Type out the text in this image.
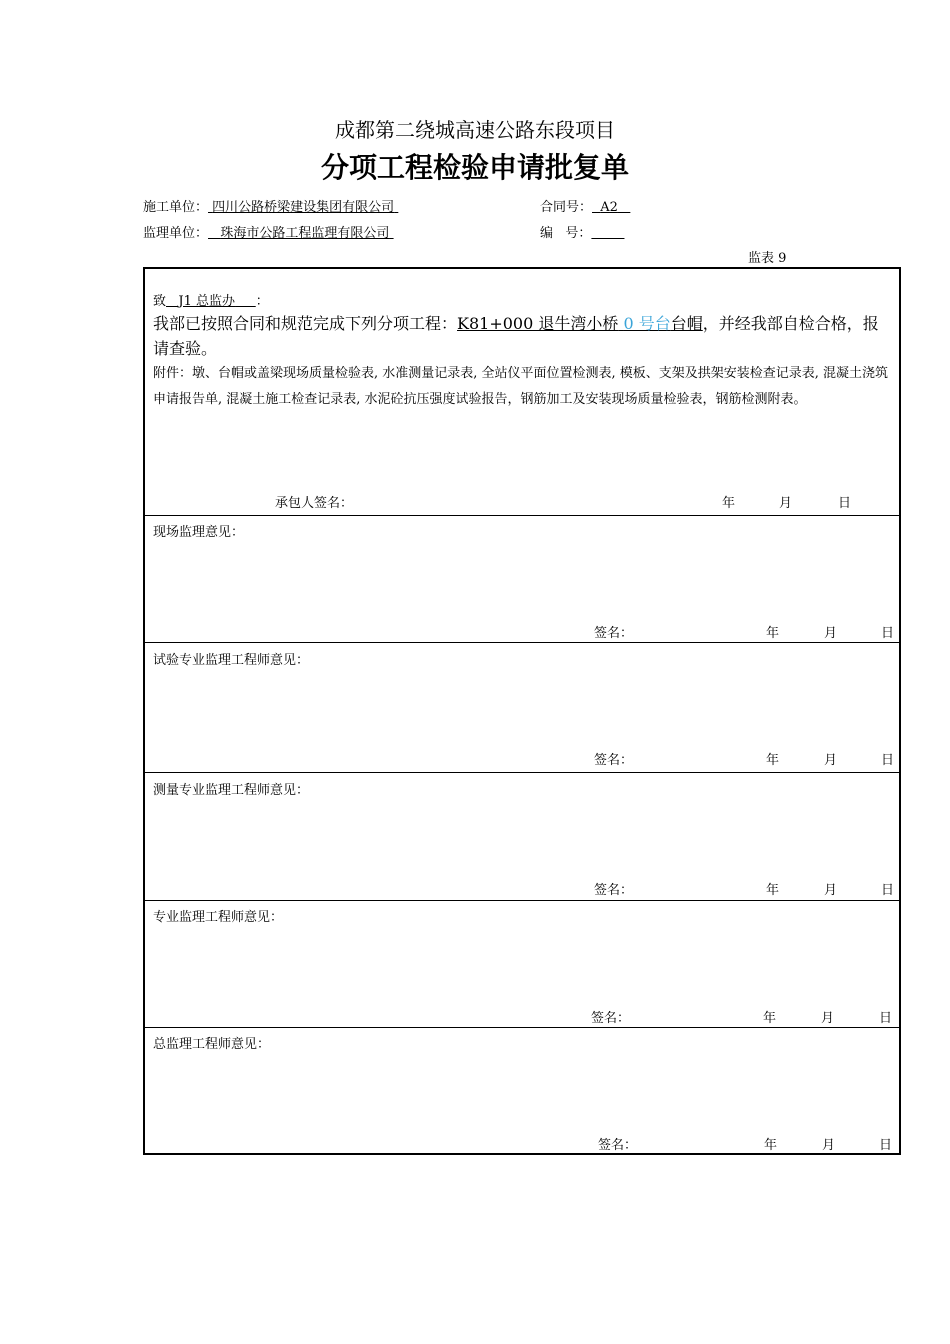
成都第二绕城高速公路东段项目
分项工程检验申请批复单
施工单位： 四川公路桥梁建设集团有限公司	合同号： A2
监理单位： 珠海市公路工程监理有限公司	编   号：
监表 9
致 J1 总监办 ：
我部已按照合同和规范完成下列分项工程：K81+000 退牛湾小桥 0 号台台帽，并经我部自检合格，报请查验。
附件：墩、台帽或盖梁现场质量检验表, 水准测量记录表, 全站仪平面位置检测表, 模板、支架及拱架安装检查记录表, 混凝土浇筑申请报告单, 混凝土施工检查记录表, 水泥砼抗压强度试验报告，钢筋加工及安装现场质量检验表，钢筋检测附表。
承包人签名：	年	月	日
现场监理意见：
签名：	年	月	日
试验专业监理工程师意见：
签名：	年	月	日
测量专业监理工程师意见：
签名：	年	月	日
专业监理工程师意见：
签名：	年	月	日
总监理工程师意见：
签名：	年	月	日
